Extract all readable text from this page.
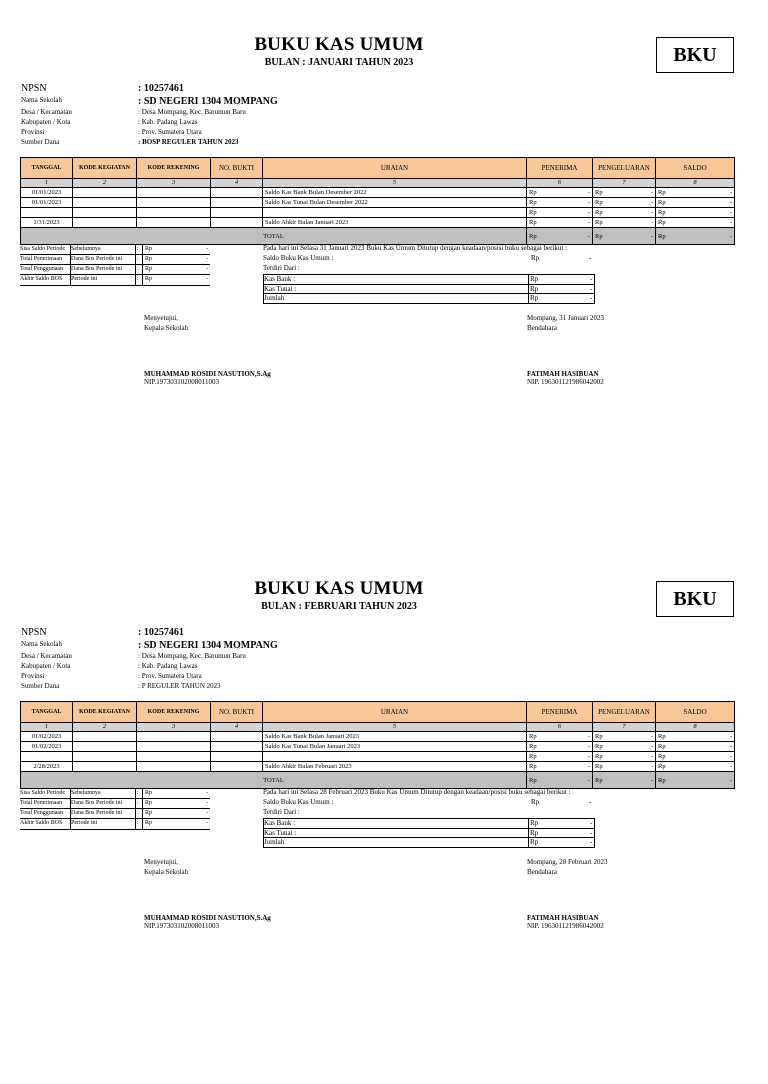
BUKU KAS UMUM
BULAN : JANUARI TAHUN 2023	BKU
NPSN	: 10257461
Nama Sekolah	: SD NEGERI 1304 MOMPANG
Desa / Kecamatan	: Desa Mompang, Kec. Barumun Baru
Kabupaten / Kota	: Kab. Padang Lawas
Provinsi	: Prov. Sumatera Utara
Sumber Dana	: BOSP REGULER TAHUN 2023
TANGGAL	KODE KEGIATAN	KODE REKENING	NO. BUKTI	URAIAN	PENERIMA	PENGELUARAN	SALDO
1	2	3	4	5	6	7	8
01/01/2023				Saldo Kas Bank Bulan Desember 2022	Rp -	Rp -	Rp -

01/01/2023				Saldo Kas Tunai Bulan Desember 2022	Rp -	Rp -	Rp -

					Rp -	Rp -	Rp -

1/31/2023				Saldo Ahkir Bulan Januari 2023	Rp -	Rp -	Rp -

TOTAL					Rp -	Rp -	Rp -
Sisa Saldo Periode Sebelumnya	: Rp	-
Total Penerimaan Dana Bos Periode ini : Rp	-
Total Penggunaan Dana Bos Periode ini : Rp	-
Akhir Saldo BOS Periode ini	: Rp	-
Pada hari ini Selasa 31 Januari 2023 Buku Kas Umum Ditutup dengan keadaan/posisi buku sebagai berikut :
Saldo Buku Kas Umum :	Rp	-
Terdiri Dari :
Kas Bank :	Rp	-
Kas Tunai :	Rp	-
Jumlah	Rp	-
Menyetujui,
Kepala Sekolah
MUHAMMAD ROSIDI NASUTION,S.Ag
NIP.197303102008011003
Mompang, 31 Januari 2023
Bendahara
FATIMAH HASIBUAN
NIP. 196301121986042002
BUKU KAS UMUM
BULAN : FEBRUARI TAHUN 2023	BKU
NPSN	: 10257461
Nama Sekolah	: SD NEGERI 1304 MOMPANG
Desa / Kecamatan	: Desa Mompang, Kec. Barumun Baru
Kabupaten / Kota	: Kab. Padang Lawas
Provinsi	: Prov. Sumatera Utara
Sumber Dana	: P REGULER TAHUN 2023
TANGGAL	KODE KEGIATAN	KODE REKENING	NO. BUKTI	URAIAN	PENERIMA	PENGELUARAN	SALDO
1	2	3	4	5	6	7	8
01/02/2023				Saldo Kas Bank Bulan Januari 2023	Rp -	Rp -	Rp -

01/02/2023				Saldo Kas Tunai Bulan Januari 2023	Rp -	Rp -	Rp -

					Rp -	Rp -	Rp -

2/28/2023				Saldo Ahkir Bulan Februari 2023	Rp -	Rp -	Rp -

TOTAL					Rp -	Rp -	Rp -
Sisa Saldo Periode Sebelumnya	: Rp	-
Total Penerimaan Dana Bos Periode ini : Rp	-
Total Penggunaan Dana Bos Periode ini : Rp	-
Akhir Saldo BOS Periode ini	: Rp	-
Pada hari ini Selasa 28 Februari 2023 Buku Kas Umum Ditutup dengan keadaan/posisi buku sebagai berikut :
Saldo Buku Kas Umum :	Rp	-
Terdiri Dari :
Kas Bank :	Rp	-
Kas Tunai :	Rp	-
Jumlah	Rp	-
Menyetujui,
Kepala Sekolah
MUHAMMAD ROSIDI NASUTION,S.Ag
NIP.197303102008011003
Mompang, 28 Februari 2023
Bendahara
FATIMAH HASIBUAN
NIP. 196301121986042002
